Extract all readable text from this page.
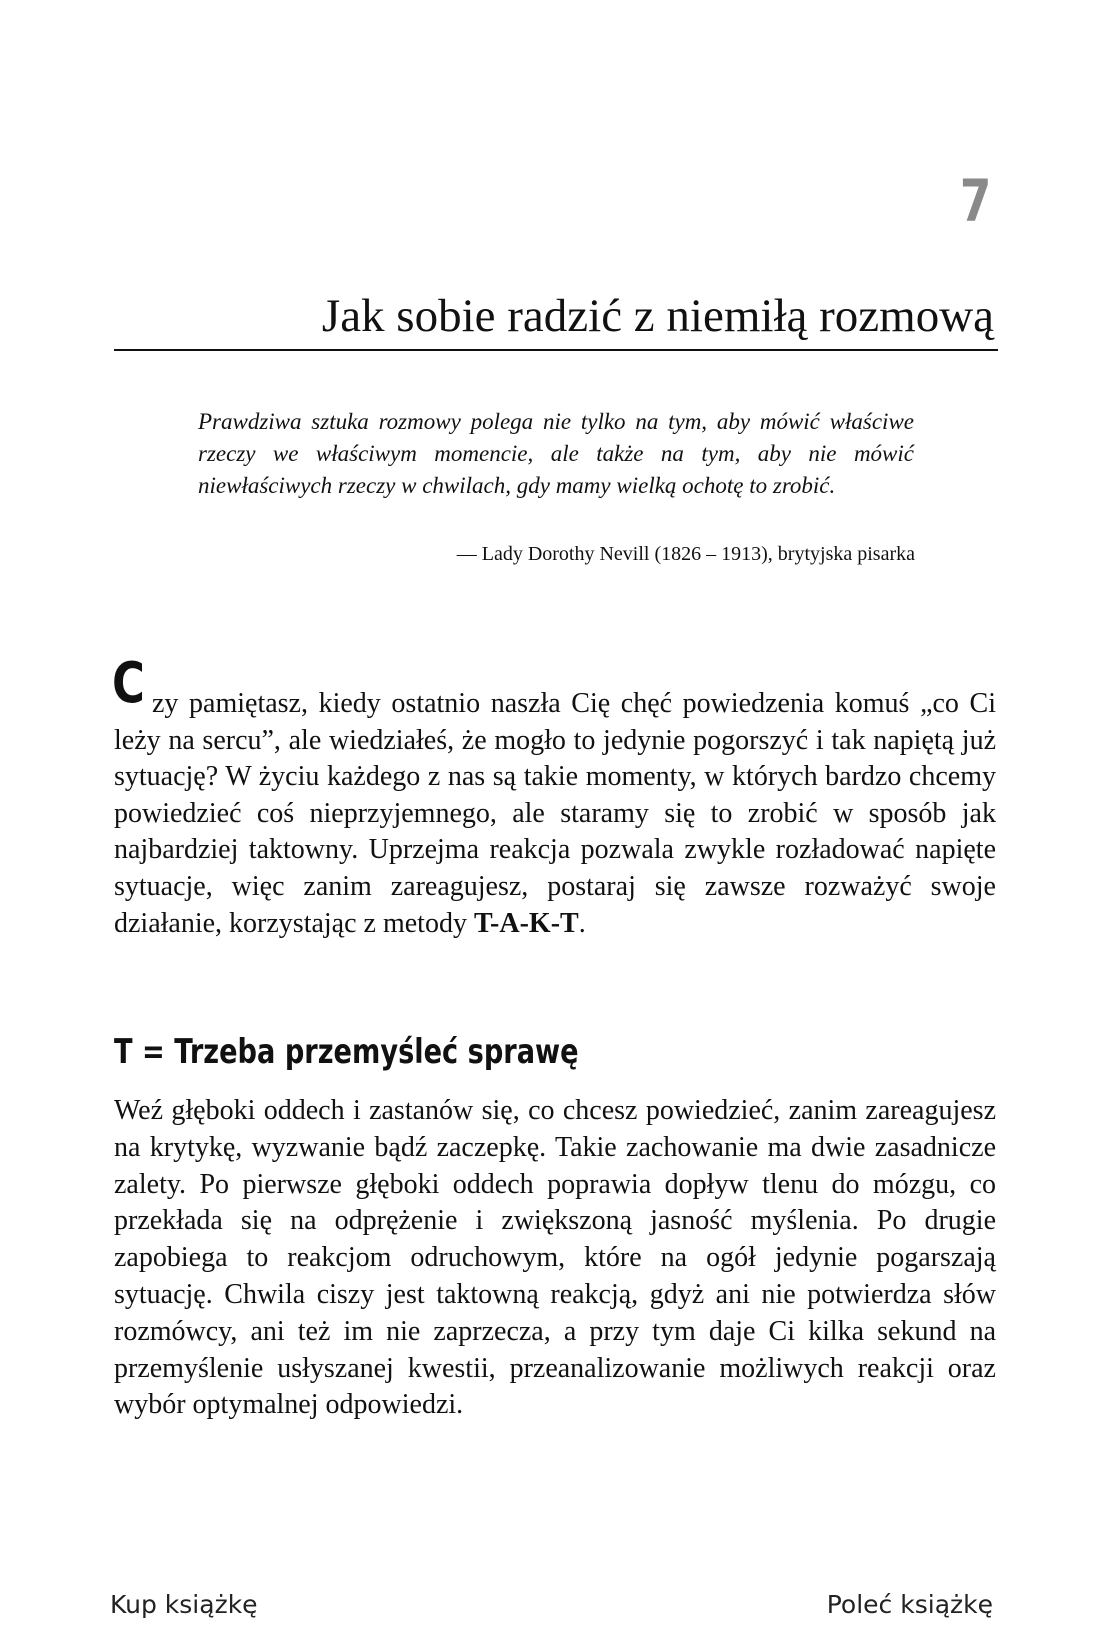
7
Jak sobie radzić z niemiłą rozmową

Prawdziwa sztuka rozmowy polega nie tylko na tym, aby mówić właściwe rzeczy we właściwym momencie, ale także na tym, aby nie mówić niewłaściwych rzeczy w chwilach, gdy mamy wielką ochotę to zrobić.

— Lady Dorothy Nevill (1826 – 1913), brytyjska pisarka

Czy pamiętasz, kiedy ostatnio naszła Cię chęć powiedzenia komuś „co Ci leży na sercu”, ale wiedziałeś, że mogło to jedynie pogorszyć i tak napiętą już sytuację? W życiu każdego z nas są takie momenty, w których bardzo chcemy powiedzieć coś nieprzyjemnego, ale staramy się to zrobić w sposób jak najbardziej taktowny. Uprzejma reakcja pozwala zwykle rozładować napięte sytuacje, więc zanim zareagujesz, postaraj się zawsze rozważyć swoje działanie, korzystając z metody T-A-K-T.

T = Trzeba przemyśleć sprawę

Weź głęboki oddech i zastanów się, co chcesz powiedzieć, zanim zareagujesz na krytykę, wyzwanie bądź zaczepkę. Takie zachowanie ma dwie zasadnicze zalety. Po pierwsze głęboki oddech poprawia dopływ tlenu do mózgu, co przekłada się na odprężenie i zwiększoną jasność myślenia. Po drugie zapobiega to reakcjom odruchowym, które na ogół jedynie pogarszają sytuację. Chwila ciszy jest taktowną reakcją, gdyż ani nie potwierdza słów rozmówcy, ani też im nie zaprzecza, a przy tym daje Ci kilka sekund na przemyślenie usłyszanej kwestii, przeanalizowanie możliwych reakcji oraz wybór optymalnej odpowiedzi.

Kup książkę	Poleć książkę
